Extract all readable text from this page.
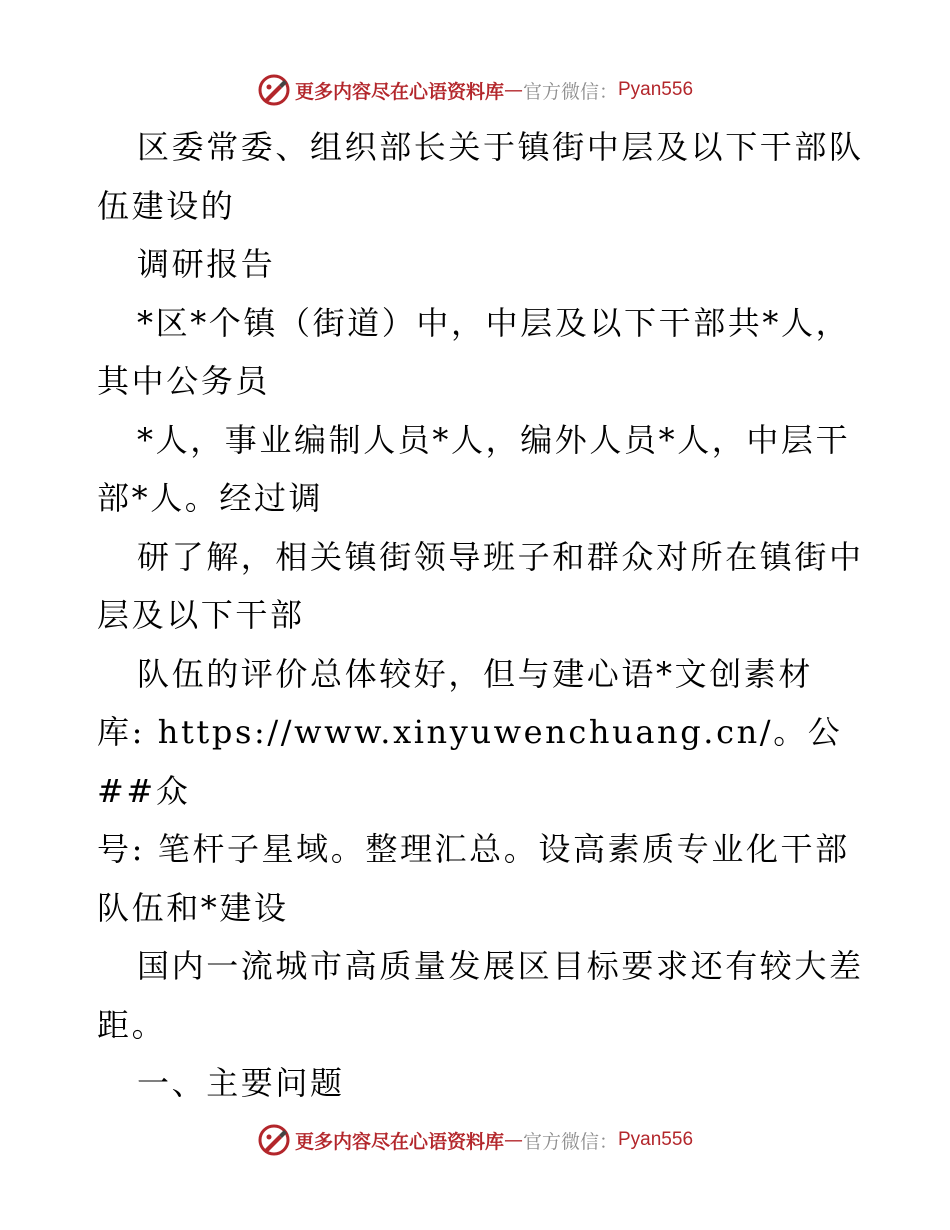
更多内容尽在心语资料库 — 官方微信： Pyan556

区委常委、组织部长关于镇街中层及以下干部队
伍建设的
调研报告
*区*个镇（街道）中，中层及以下干部共*人，
其中公务员
*人，事业编制人员*人，编外人员*人，中层干
部*人。经过调
研了解，相关镇街领导班子和群众对所在镇街中
层及以下干部
队伍的评价总体较好，但与建心语*文创素材
库: https://www.xinyuwenchuang.cn/。公##众
号: 笔杆子星域。整理汇总。设高素质专业化干部
队伍和*建设
国内一流城市高质量发展区目标要求还有较大差
距。
一、主要问题

更多内容尽在心语资料库 — 官方微信： Pyan556
